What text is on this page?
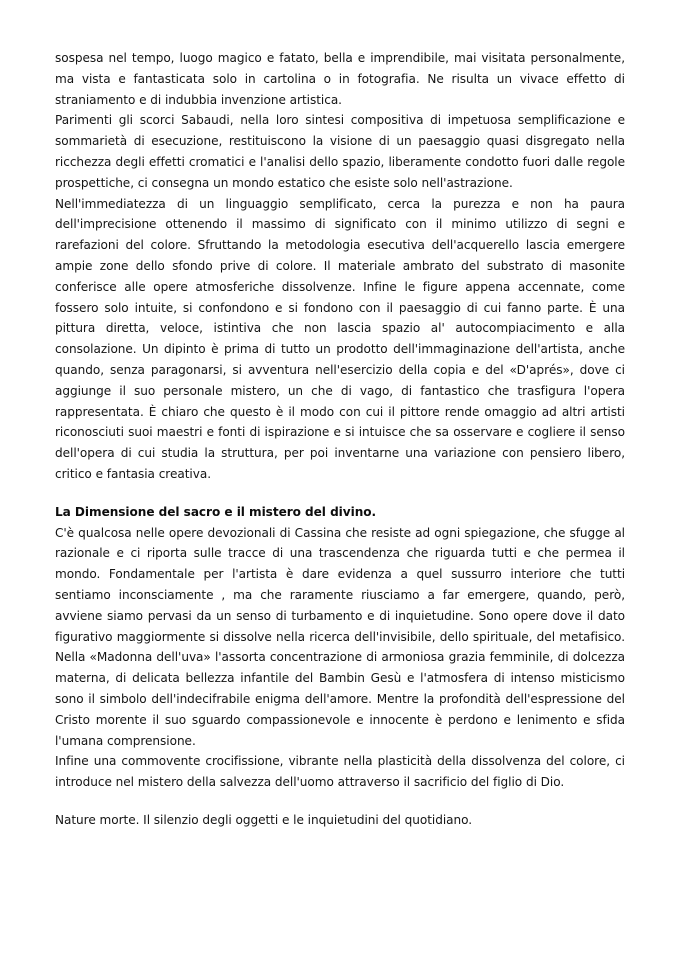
sospesa nel tempo, luogo magico e fatato, bella e imprendibile, mai visitata personalmente, ma vista e fantasticata solo in cartolina o in fotografia. Ne risulta un vivace effetto di straniamento e di indubbia invenzione artistica.

Parimenti gli scorci Sabaudi, nella loro sintesi compositiva di impetuosa semplificazione e sommarietà di esecuzione, restituiscono la visione di un paesaggio quasi disgregato nella ricchezza degli effetti cromatici e l'analisi dello spazio, liberamente condotto fuori dalle regole prospettiche, ci consegna un mondo estatico che esiste solo nell'astrazione.

Nell'immediatezza di un linguaggio semplificato, cerca la purezza e non ha paura dell'imprecisione ottenendo il massimo di significato con il minimo utilizzo di segni e rarefazioni del colore. Sfruttando la metodologia esecutiva dell'acquerello lascia emergere ampie zone dello sfondo prive di colore. Il materiale ambrato del substrato di masonite conferisce alle opere atmosferiche dissolvenze. Infine le figure appena accennate, come fossero solo intuite, si confondono e si fondono con il paesaggio di cui fanno parte. È una pittura diretta, veloce, istintiva che non lascia spazio al' autocompiacimento e alla consolazione. Un dipinto è prima di tutto un prodotto dell'immaginazione dell'artista, anche quando, senza paragonarsi, si avventura nell'esercizio della copia e del «D'aprés», dove ci aggiunge il suo personale mistero, un che di vago, di fantastico che trasfigura l'opera rappresentata. È chiaro che questo è il modo con cui il pittore rende omaggio ad altri artisti riconosciuti suoi maestri e fonti di ispirazione e si intuisce che sa osservare e cogliere il senso dell'opera di cui studia la struttura, per poi inventarne una variazione con pensiero libero, critico e fantasia creativa.

La Dimensione del sacro e il mistero del divino.

C'è qualcosa nelle opere devozionali di Cassina che resiste ad ogni spiegazione, che sfugge al razionale e ci riporta sulle tracce di una trascendenza che riguarda tutti e che permea il mondo. Fondamentale per l'artista è dare evidenza a quel sussurro interiore che tutti sentiamo inconsciamente , ma che raramente riusciamo a far emergere, quando, però, avviene siamo pervasi da un senso di turbamento e di inquietudine. Sono opere dove il dato figurativo maggiormente si dissolve nella ricerca dell'invisibile, dello spirituale, del metafisico. Nella «Madonna dell'uva» l'assorta concentrazione di armoniosa grazia femminile, di dolcezza materna, di delicata bellezza infantile del Bambin Gesù e l'atmosfera di intenso misticismo sono il simbolo dell'indecifrabile enigma dell'amore. Mentre la profondità dell'espressione del Cristo morente il suo sguardo compassionevole e innocente è perdono e lenimento e sfida l'umana comprensione.

Infine una commovente crocifissione, vibrante nella plasticità della dissolvenza del colore, ci introduce nel mistero della salvezza dell'uomo attraverso il sacrificio del figlio di Dio.

Nature morte. Il silenzio degli oggetti e le inquietudini del quotidiano.
